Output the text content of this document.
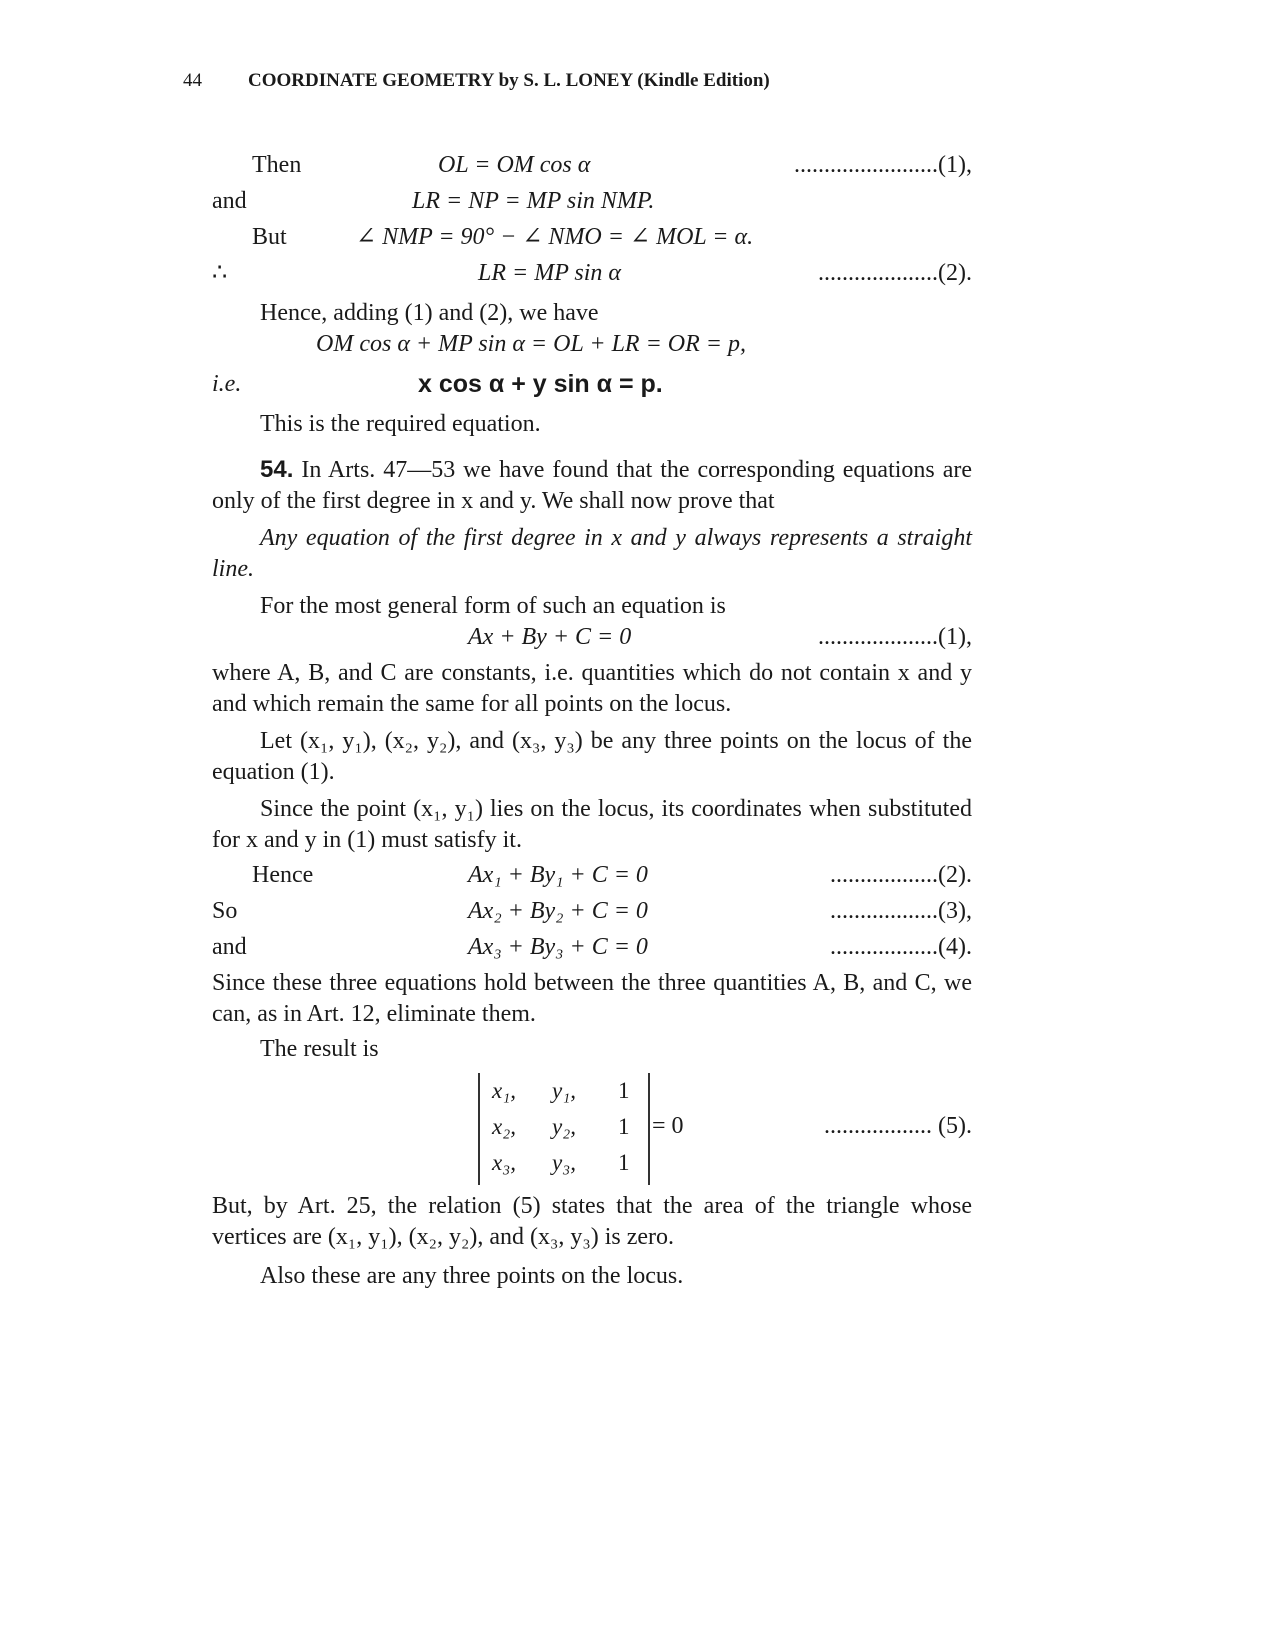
44 COORDINATE GEOMETRY by S. L. LONEY (Kindle Edition)
Then	OL = OM cos α	........................(1),
and	LR = NP = MP sin NMP.
But	∠ NMP = 90° − ∠ NMO = ∠ MOL = α.
∴	LR = MP sin α	....................(2).

Hence, adding (1) and (2), we have

OM cos α + MP sin α = OL + LR = OR = p,
i.e.	x cos α + y sin α = p.

This is the required equation.

54. In Arts. 47—53 we have found that the corresponding equations are only of the first degree in x and y. We shall now prove that

Any equation of the first degree in x and y always represents a straight line.

For the most general form of such an equation is

Ax + By + C = 0	....................(1),

where A, B, and C are constants, i.e. quantities which do not contain x and y and which remain the same for all points on the locus.

Let (x₁, y₁), (x₂, y₂), and (x₃, y₃) be any three points on the locus of the equation (1).

Since the point (x₁, y₁) lies on the locus, its coordinates when substituted for x and y in (1) must satisfy it.

Hence	Ax₁ + By₁ + C = 0	..................(2).
So	Ax₂ + By₂ + C = 0	..................(3),
and	Ax₃ + By₃ + C = 0	..................(4).

Since these three equations hold between the three quantities A, B, and C, we can, as in Art. 12, eliminate them.

The result is

x₁, y₁, 1
x₂, y₂, 1
x₃, y₃, 1
= 0	.................. (5).

But, by Art. 25, the relation (5) states that the area of the triangle whose vertices are (x₁, y₁), (x₂, y₂), and (x₃, y₃) is zero.

Also these are any three points on the locus.
